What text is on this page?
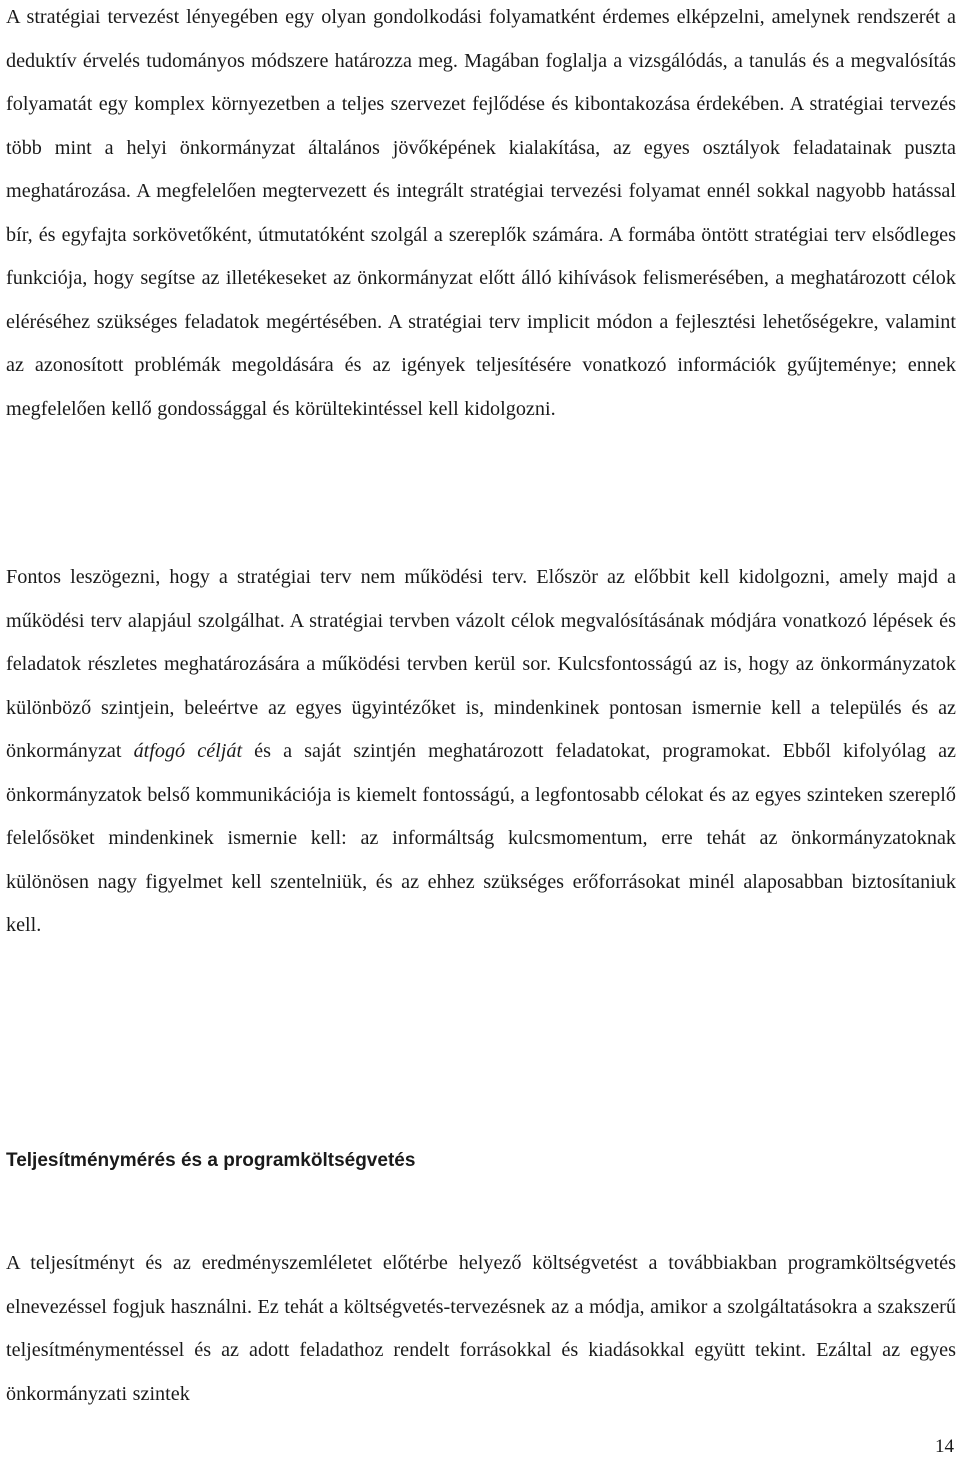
A stratégiai tervezést lényegében egy olyan gondolkodási folyamatként érdemes elképzelni, amelynek rendszerét a deduktív érvelés tudományos módszere határozza meg. Magában foglalja a vizsgálódás, a tanulás és a megvalósítás folyamatát egy komplex környezetben a teljes szervezet fejlődése és kibontakozása érdekében. A stratégiai tervezés több mint a helyi önkormányzat általános jövőképének kialakítása, az egyes osztályok feladatainak puszta meghatározása. A megfelelően megtervezett és integrált stratégiai tervezési folyamat ennél sokkal nagyobb hatással bír, és egyfajta sorkövetőként, útmutatóként szolgál a szereplők számára. A formába öntött stratégiai terv elsődleges funkciója, hogy segítse az illetékeseket az önkormányzat előtt álló kihívások felismerésében, a meghatározott célok eléréséhez szükséges feladatok megértésében. A stratégiai terv implicit módon a fejlesztési lehetőségekre, valamint az azonosított problémák megoldására és az igények teljesítésére vonatkozó információk gyűjteménye; ennek megfelelően kellő gondossággal és körültekintéssel kell kidolgozni.

Fontos leszögezni, hogy a stratégiai terv nem működési terv. Először az előbbit kell kidolgozni, amely majd a működési terv alapjául szolgálhat. A stratégiai tervben vázolt célok megvalósításának módjára vonatkozó lépések és feladatok részletes meghatározására a működési tervben kerül sor. Kulcsfontosságú az is, hogy az önkormányzatok különböző szintjein, beleértve az egyes ügyintézőket is, mindenkinek pontosan ismernie kell a település és az önkormányzat átfogó célját és a saját szintjén meghatározott feladatokat, programokat. Ebből kifolyólag az önkormányzatok belső kommunikációja is kiemelt fontosságú, a legfontosabb célokat és az egyes szinteken szereplő felelősöket mindenkinek ismernie kell: az informáltság kulcsmomentum, erre tehát az önkormányzatoknak különösen nagy figyelmet kell szentelniük, és az ehhez szükséges erőforrásokat minél alaposabban biztosítaniuk kell.

Teljesítménymérés és a programköltségvetés

A teljesítményt és az eredményszemléletet előtérbe helyező költségvetést a továbbiakban programköltségvetés elnevezéssel fogjuk használni. Ez tehát a költségvetés-tervezésnek az a módja, amikor a szolgáltatásokra a szakszerű teljesítménymentéssel és az adott feladathoz rendelt forrásokkal és kiadásokkal együtt tekint. Ezáltal az egyes önkormányzati szintek

14
